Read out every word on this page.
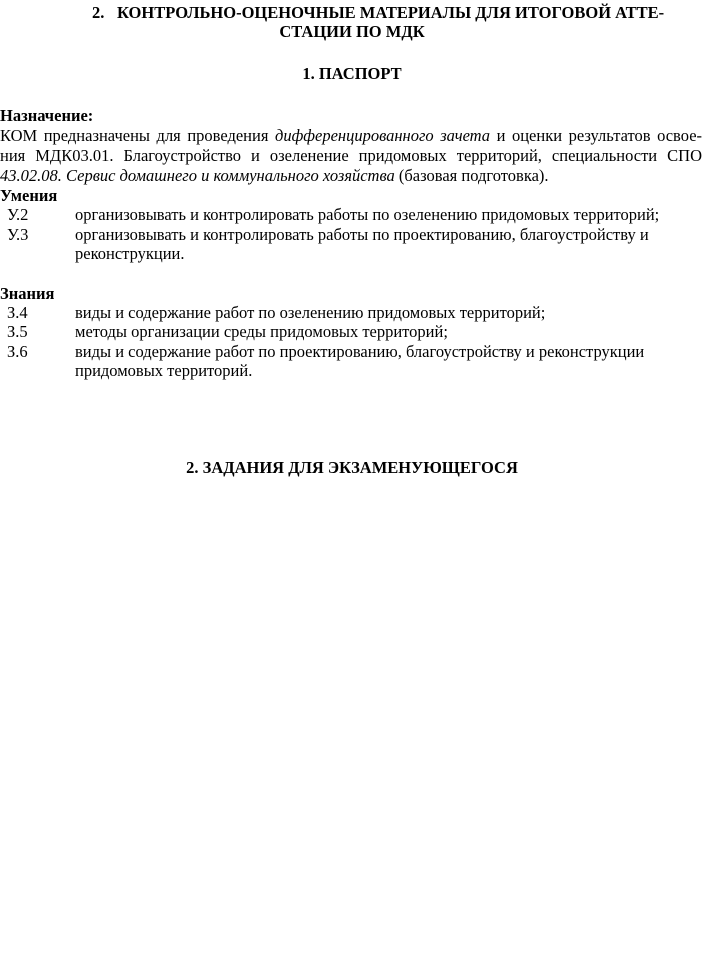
2. КОНТРОЛЬНО-ОЦЕНОЧНЫЕ МАТЕРИАЛЫ ДЛЯ ИТОГОВОЙ АТТЕ-
СТАЦИИ ПО МДК
1. ПАСПОРТ
Назначение:
КОМ предназначены для проведения дифференцированного зачета и оценки результатов освое-
ния МДК03.01. Благоустройство и озеленение придомовых территорий, специальности СПО
43.02.08. Сервис домашнего и коммунального хозяйства (базовая подготовка).
Умения
У.2	организовывать и контролировать работы по озеленению придомовых территорий;
У.3	организовывать и контролировать работы по проектированию, благоустройству и
реконструкции.
Знания
З.4	виды и содержание работ по озеленению придомовых территорий;
З.5	методы организации среды придомовых территорий;
З.6	виды и содержание работ по проектированию, благоустройству и реконструкции
придомовых территорий.
2. ЗАДАНИЯ ДЛЯ ЭКЗАМЕНУЮЩЕГОСЯ
